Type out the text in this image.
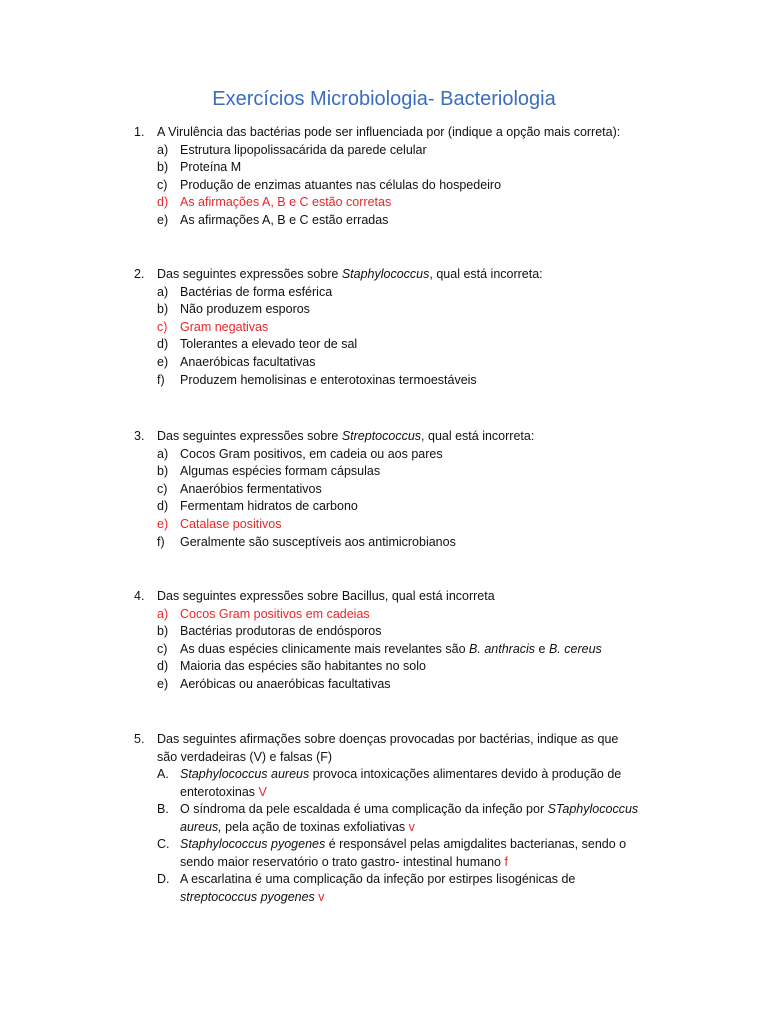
Exercícios Microbiologia- Bacteriologia
1. A Virulência das bactérias pode ser influenciada por (indique a opção mais correta):
a) Estrutura lipopolissacárida da parede celular
b) Proteína M
c) Produção de enzimas atuantes nas células do hospedeiro
d) As afirmações A, B e C estão corretas
e) As afirmações A, B e C estão erradas
2. Das seguintes expressões sobre Staphylococcus, qual está incorreta:
a) Bactérias de forma esférica
b) Não produzem esporos
c) Gram negativas
d) Tolerantes a elevado teor de sal
e) Anaeróbicas facultativas
f) Produzem hemolisinas e enterotoxinas termoestáveis
3. Das seguintes expressões sobre Streptococcus, qual está incorreta:
a) Cocos Gram positivos, em cadeia ou aos pares
b) Algumas espécies formam cápsulas
c) Anaeróbios fermentativos
d) Fermentam hidratos de carbono
e) Catalase positivos
f) Geralmente são susceptíveis aos antimicrobianos
4. Das seguintes expressões sobre Bacillus, qual está incorreta
a) Cocos Gram positivos em cadeias
b) Bactérias produtoras de endósporos
c) As duas espécies clinicamente mais revelantes são B. anthracis e B. cereus
d) Maioria das espécies são habitantes no solo
e) Aeróbicas ou anaeróbicas facultativas
5. Das seguintes afirmações sobre doenças provocadas por bactérias, indique as que são verdadeiras (V) e falsas (F)
A. Staphylococcus aureus provoca intoxicações alimentares devido à produção de enterotoxinas V
B. O síndroma da pele escaldada é uma complicação da infeção por STaphylococcus aureus, pela ação de toxinas exfoliativas v
C. Staphylococcus pyogenes é responsável pelas amigdalites bacterianas, sendo o sendo maior reservatório o trato gastro- intestinal humano f
D. A escarlatina é uma complicação da infeção por estirpes lisogénicas de streptococcus pyogenes v
